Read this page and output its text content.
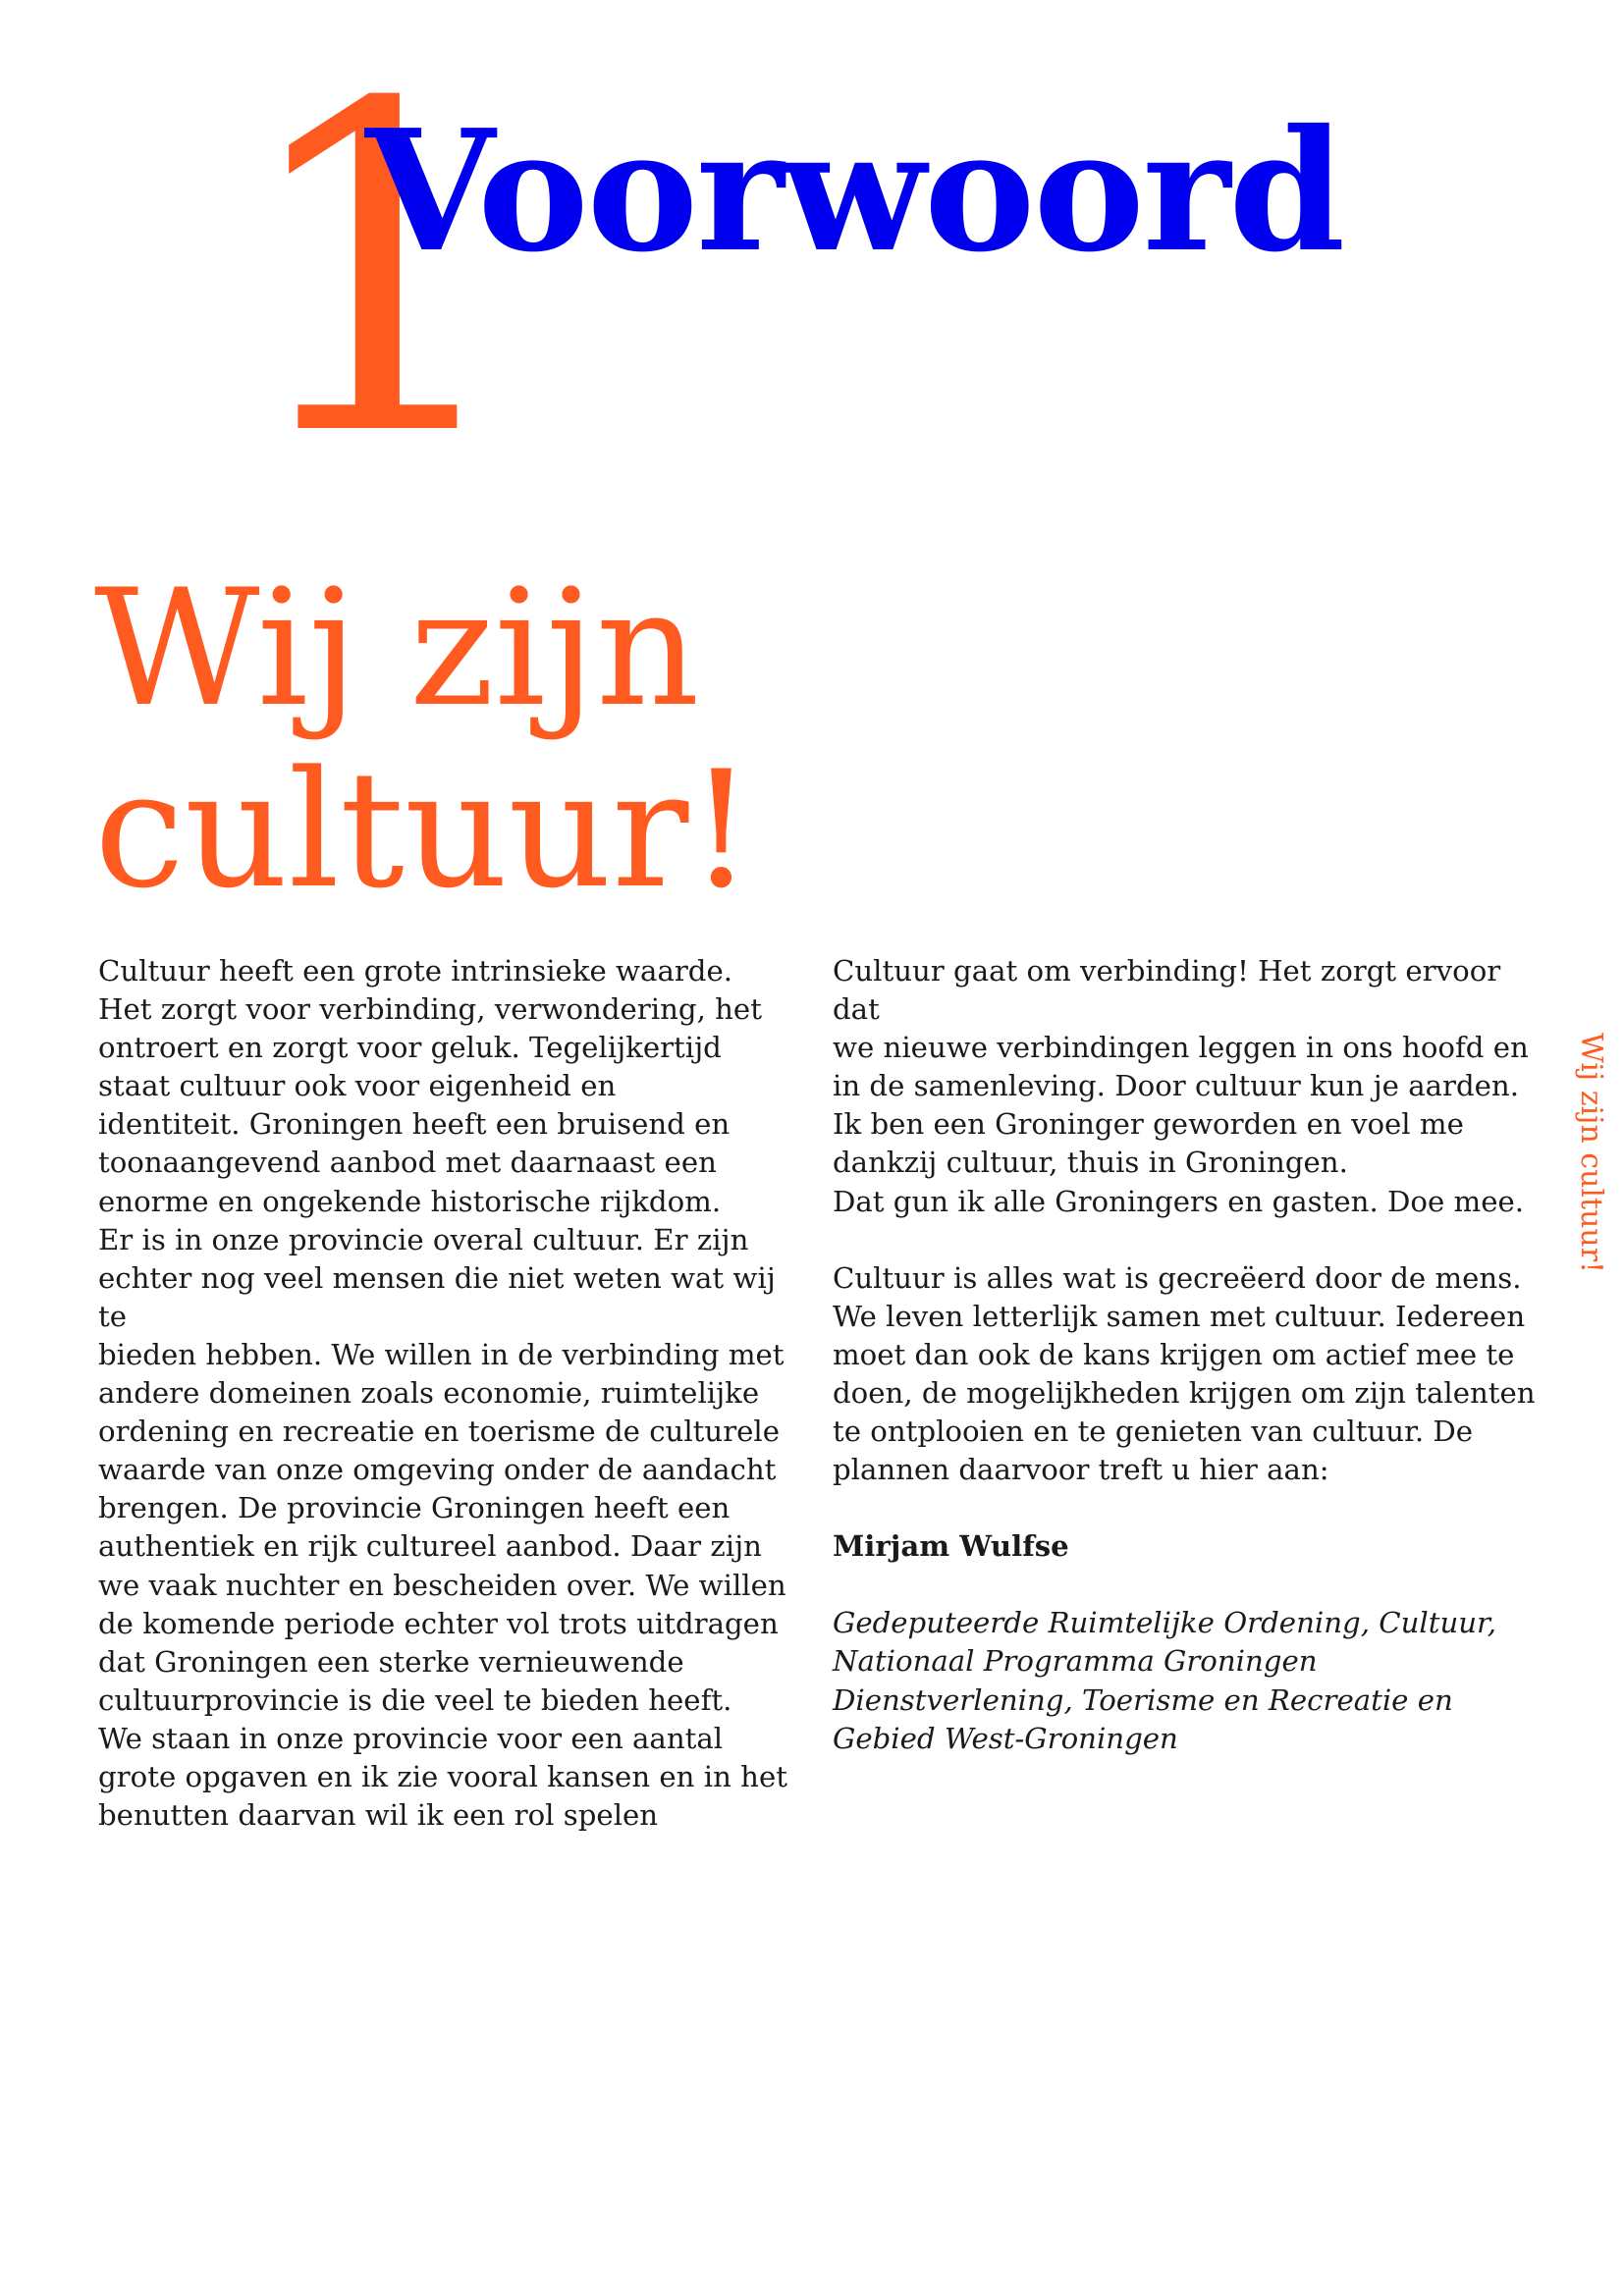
1
Voorwoord
Wij zijn
cultuur!

Cultuur heeft een grote intrinsieke waarde.
Het zorgt voor verbinding, verwondering, het
ontroert en zorgt voor geluk. Tegelijkertijd
staat cultuur ook voor eigenheid en
identiteit. Groningen heeft een bruisend en
toonaangevend aanbod met daarnaast een
enorme en ongekende historische rijkdom.
Er is in onze provincie overal cultuur. Er zijn
echter nog veel mensen die niet weten wat wij te
bieden hebben. We willen in de verbinding met
andere domeinen zoals economie, ruimtelijke
ordening en recreatie en toerisme de culturele
waarde van onze omgeving onder de aandacht
brengen. De provincie Groningen heeft een
authentiek en rijk cultureel aanbod. Daar zijn
we vaak nuchter en bescheiden over. We willen
de komende periode echter vol trots uitdragen
dat Groningen een sterke vernieuwende
cultuurprovincie is die veel te bieden heeft.
We staan in onze provincie voor een aantal
grote opgaven en ik zie vooral kansen en in het
benutten daarvan wil ik een rol spelen

Cultuur gaat om verbinding! Het zorgt ervoor dat
we nieuwe verbindingen leggen in ons hoofd en
in de samenleving. Door cultuur kun je aarden.
Ik ben een Groninger geworden en voel me
dankzij cultuur, thuis in Groningen.
Dat gun ik alle Groningers en gasten. Doe mee.

Cultuur is alles wat is gecreëerd door de mens.
We leven letterlijk samen met cultuur. Iedereen
moet dan ook de kans krijgen om actief mee te
doen, de mogelijkheden krijgen om zijn talenten
te ontplooien en te genieten van cultuur. De
plannen daarvoor treft u hier aan:

Mirjam Wulfse

Gedeputeerde Ruimtelijke Ordening, Cultuur,
Nationaal Programma Groningen
Dienstverlening, Toerisme en Recreatie en
Gebied West-Groningen

Wij zijn cultuur!
